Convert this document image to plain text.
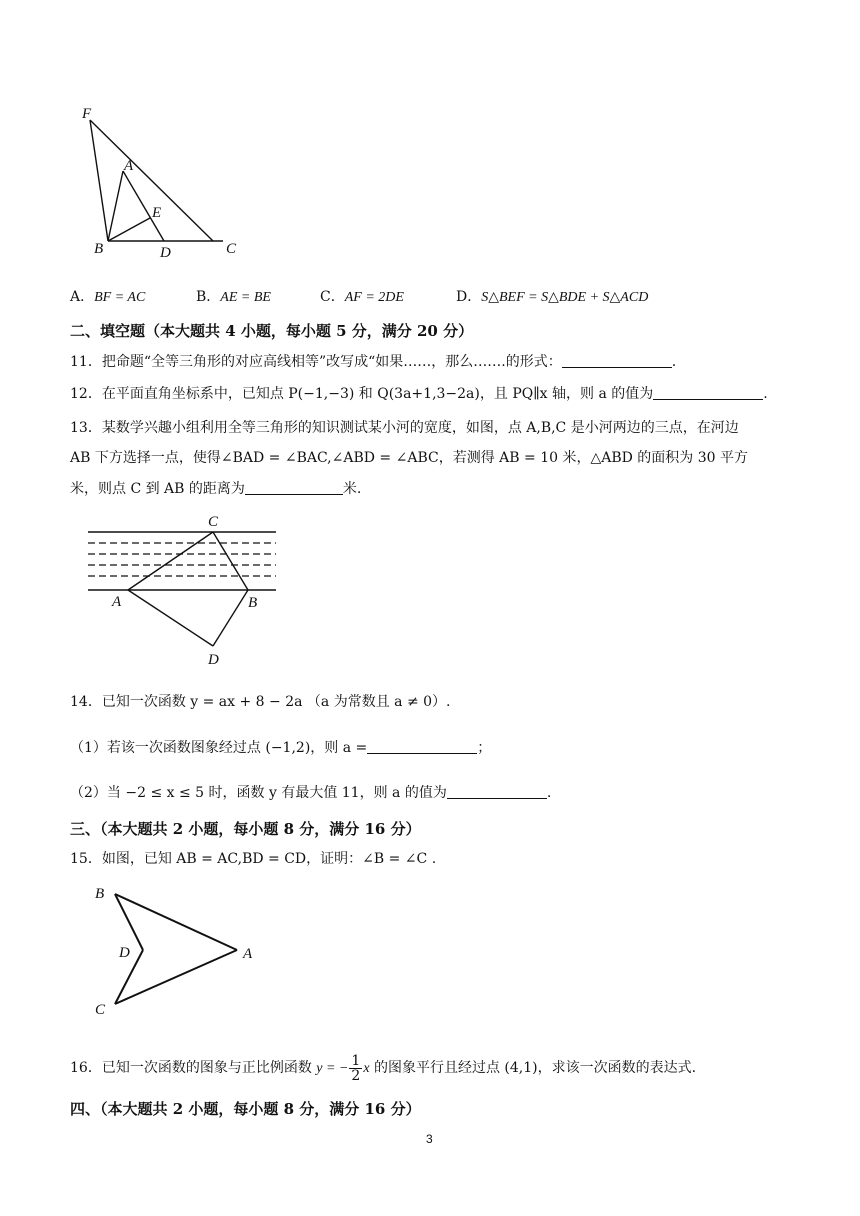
F
A
E
B	D	C
A．BF = AC	B．AE = BE	C．AF = 2DE	D．S△BEF = S△BDE + S△ACD
二、填空题（本大题共 4 小题，每小题 5 分，满分 20 分）
11．把命题“全等三角形的对应高线相等”改写成“如果……，那么…….的形式：	.
12．在平面直角坐标系中，已知点 P(−1,−3) 和 Q(3a+1,3−2a)，且 PQ∥x 轴，则 a 的值为	.
13．某数学兴趣小组利用全等三角形的知识测试某小河的宽度，如图，点 A,B,C 是小河两边的三点，在河边
AB 下方选择一点，使得∠BAD = ∠BAC,∠ABD = ∠ABC，若测得 AB = 10 米，△ABD 的面积为 30 平方
米，则点 C 到 AB 的距离为	米.
C
A	B
D
14．已知一次函数 y = ax + 8 − 2a （a 为常数且 a ≠ 0）.
（1）若该一次函数图象经过点 (−1,2)，则 a =	；
（2）当 −2 ≤ x ≤ 5 时，函数 y 有最大值 11，则 a 的值为	.
三、（本大题共 2 小题，每小题 8 分，满分 16 分）
15．如图，已知 AB = AC,BD = CD，证明：∠B = ∠C .
B
D	A
C
16．已知一次函数的图象与正比例函数 y = − $\frac{1}{2}$ x 的图象平行且经过点 (4,1)，求该一次函数的表达式.
四、（本大题共 2 小题，每小题 8 分，满分 16 分）
3
